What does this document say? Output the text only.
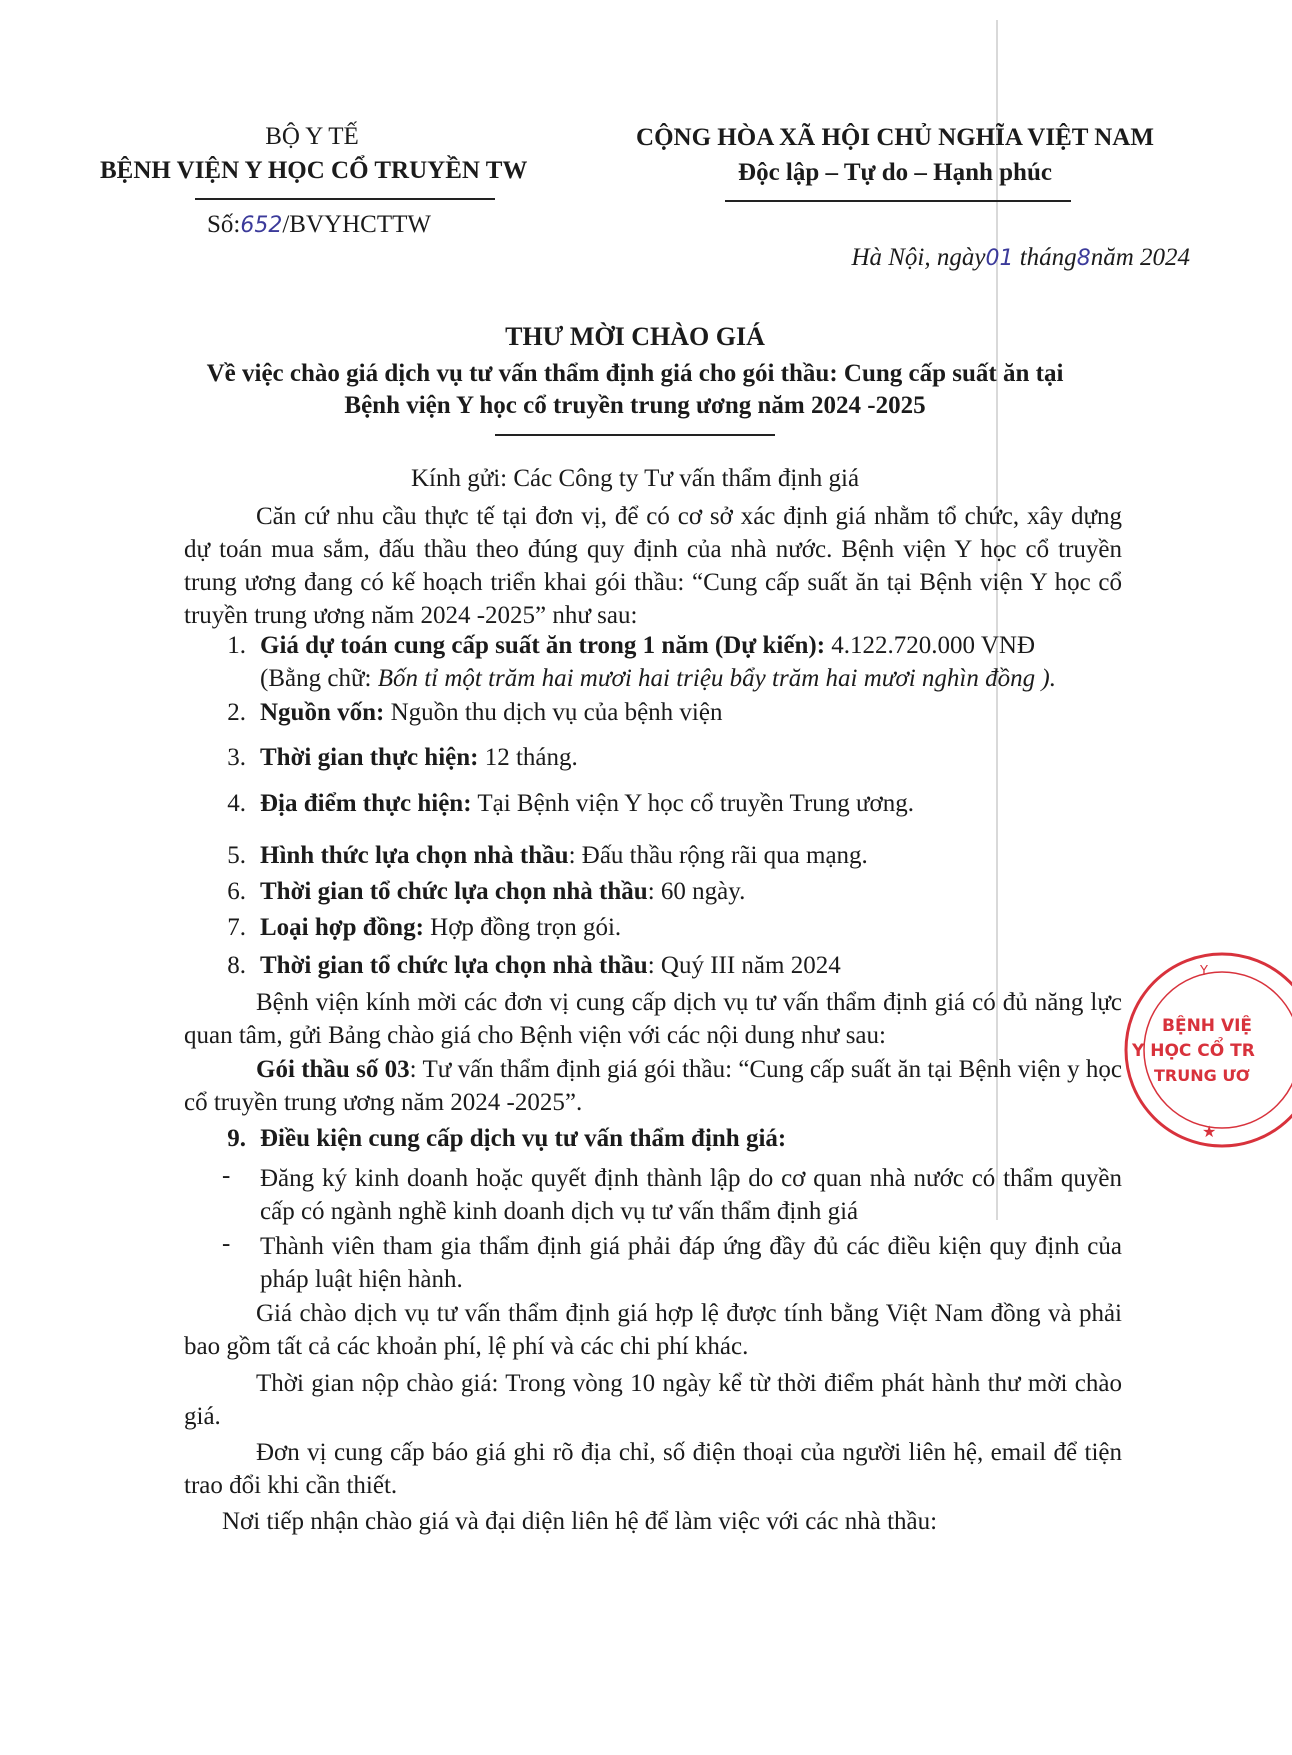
BỘ Y TẾ
BỆNH VIỆN Y HỌC CỔ TRUYỀN TW
Số:652/BVYHCTTW
CỘNG HÒA XÃ HỘI CHỦ NGHĨA VIỆT NAM
Độc lập – Tự do – Hạnh phúc
Hà Nội, ngày01 tháng8năm 2024
THƯ MỜI CHÀO GIÁ
Về việc chào giá dịch vụ tư vấn thẩm định giá cho gói thầu: Cung cấp suất ăn tại
Bệnh viện Y học cổ truyền trung ương năm 2024 -2025
Kính gửi: Các Công ty Tư vấn thẩm định giá
Căn cứ nhu cầu thực tế tại đơn vị, để có cơ sở xác định giá nhằm tổ chức, xây dựng dự toán mua sắm, đấu thầu theo đúng quy định của nhà nước. Bệnh viện Y học cổ truyền trung ương đang có kế hoạch triển khai gói thầu: “Cung cấp suất ăn tại Bệnh viện Y học cổ truyền trung ương năm 2024 -2025” như sau:
1. Giá dự toán cung cấp suất ăn trong 1 năm (Dự kiến): 4.122.720.000 VNĐ
(Bằng chữ: Bốn tỉ một trăm hai mươi hai triệu bẩy trăm hai mươi nghìn đồng ).
2. Nguồn vốn: Nguồn thu dịch vụ của bệnh viện
3. Thời gian thực hiện: 12 tháng.
4. Địa điểm thực hiện: Tại Bệnh viện Y học cổ truyền Trung ương.
5. Hình thức lựa chọn nhà thầu: Đấu thầu rộng rãi qua mạng.
6. Thời gian tổ chức lựa chọn nhà thầu: 60 ngày.
7. Loại hợp đồng: Hợp đồng trọn gói.
8. Thời gian tổ chức lựa chọn nhà thầu: Quý III năm 2024
Bệnh viện kính mời các đơn vị cung cấp dịch vụ tư vấn thẩm định giá có đủ năng lực quan tâm, gửi Bảng chào giá cho Bệnh viện với các nội dung như sau:
Gói thầu số 03: Tư vấn thẩm định giá gói thầu: “Cung cấp suất ăn tại Bệnh viện y học cổ truyền trung ương năm 2024 -2025”.
9. Điều kiện cung cấp dịch vụ tư vấn thẩm định giá:
- Đăng ký kinh doanh hoặc quyết định thành lập do cơ quan nhà nước có thẩm quyền cấp có ngành nghề kinh doanh dịch vụ tư vấn thẩm định giá
- Thành viên tham gia thẩm định giá phải đáp ứng đầy đủ các điều kiện quy định của pháp luật hiện hành.
Giá chào dịch vụ tư vấn thẩm định giá hợp lệ được tính bằng Việt Nam đồng và phải bao gồm tất cả các khoản phí, lệ phí và các chi phí khác.
Thời gian nộp chào giá: Trong vòng 10 ngày kể từ thời điểm phát hành thư mời chào giá.
Đơn vị cung cấp báo giá ghi rõ địa chỉ, số điện thoại của người liên hệ, email để tiện trao đổi khi cần thiết.
Nơi tiếp nhận chào giá và đại diện liên hệ để làm việc với các nhà thầu:
Y
BỆNH VIỆ
Y HỌC CỔ TR
TRUNG ƯƠ
★
